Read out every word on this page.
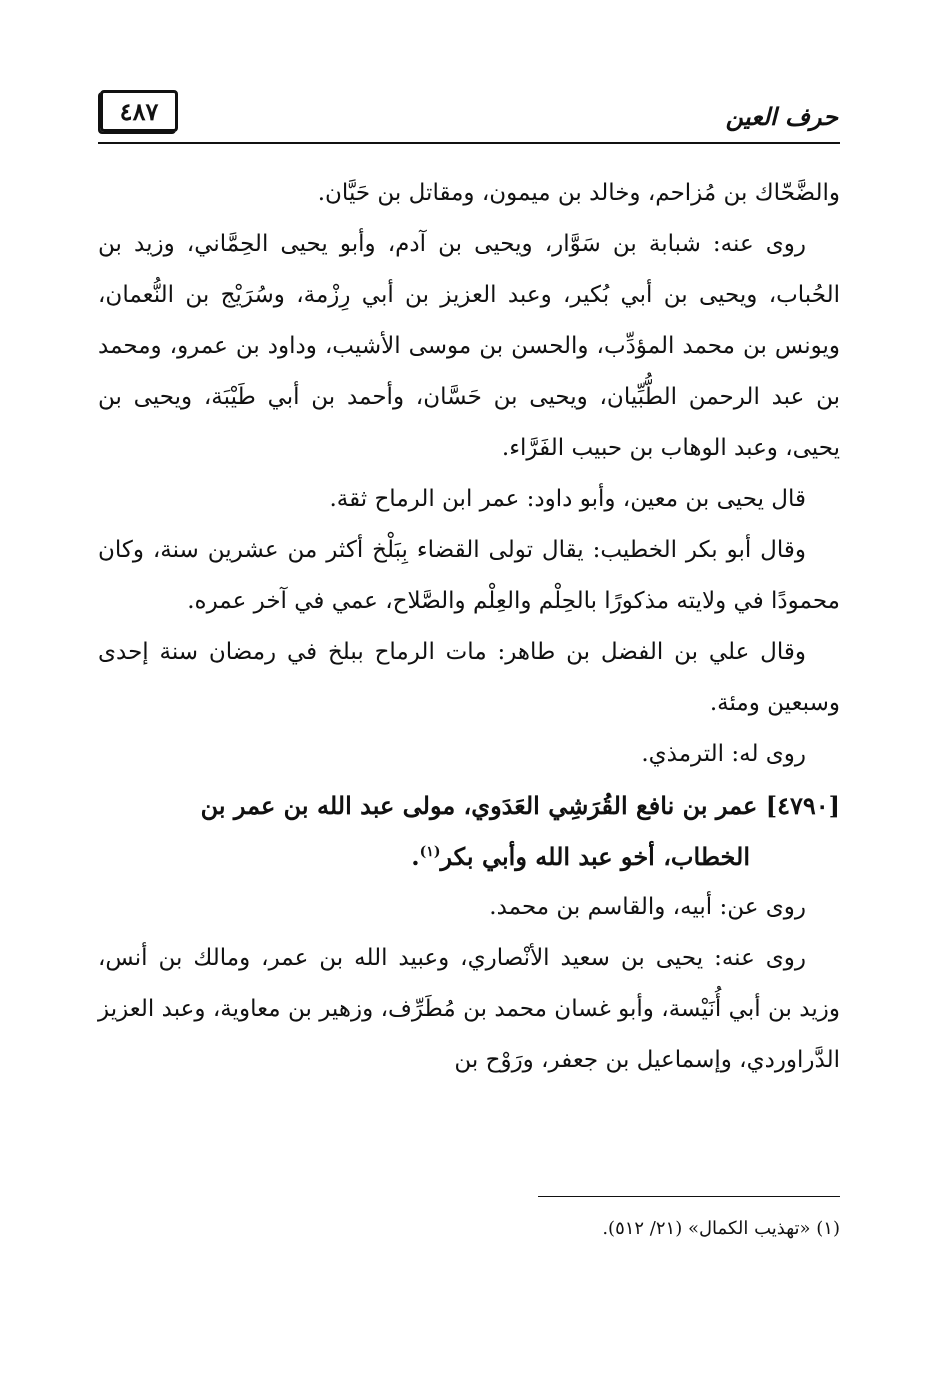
٤٨٧	حرف العين

والضَّحّاك بن مُزاحم، وخالد بن ميمون، ومقاتل بن حَيَّان.

روى عنه: شبابة بن سَوَّار، ويحيى بن آدم، وأبو يحيى الحِمَّاني، وزيد بن الحُباب، ويحيى بن أبي بُكير، وعبد العزيز بن أبي رِزْمة، وسُرَيْج بن النُّعمان، ويونس بن محمد المؤدِّب، والحسن بن موسى الأشيب، وداود بن عمرو، ومحمد بن عبد الرحمن الطُّبِّيان، ويحيى بن حَسَّان، وأحمد بن أبي طَيْبَة، ويحيى بن يحيى، وعبد الوهاب بن حبيب الفَرَّاء.

قال يحيى بن معين، وأبو داود: عمر ابن الرماح ثقة.

وقال أبو بكر الخطيب: يقال تولى القضاء بِبَلْخ أكثر من عشرين سنة، وكان محمودًا في ولايته مذكورًا بالحِلْم والعِلْم والصَّلاح، عمي في آخر عمره.

وقال علي بن الفضل بن طاهر: مات الرماح ببلخ في رمضان سنة إحدى وسبعين ومئة.

روى له: الترمذي.

[٤٧٩٠] عمر بن نافع القُرَشِي العَدَوي، مولى عبد الله بن عمر بن
الخطاب، أخو عبد الله وأبي بكر$^{(١)}$.

روى عن: أبيه، والقاسم بن محمد.

روى عنه: يحيى بن سعيد الأنْصاري، وعبيد الله بن عمر، ومالك بن أنس، وزيد بن أبي أُنَيْسة، وأبو غسان محمد بن مُطَرِّف، وزهير بن معاوية، وعبد العزيز الدَّراوردي، وإسماعيل بن جعفر، ورَوْح بن

(١) «تهذيب الكمال» (٢١/ ٥١٢).
